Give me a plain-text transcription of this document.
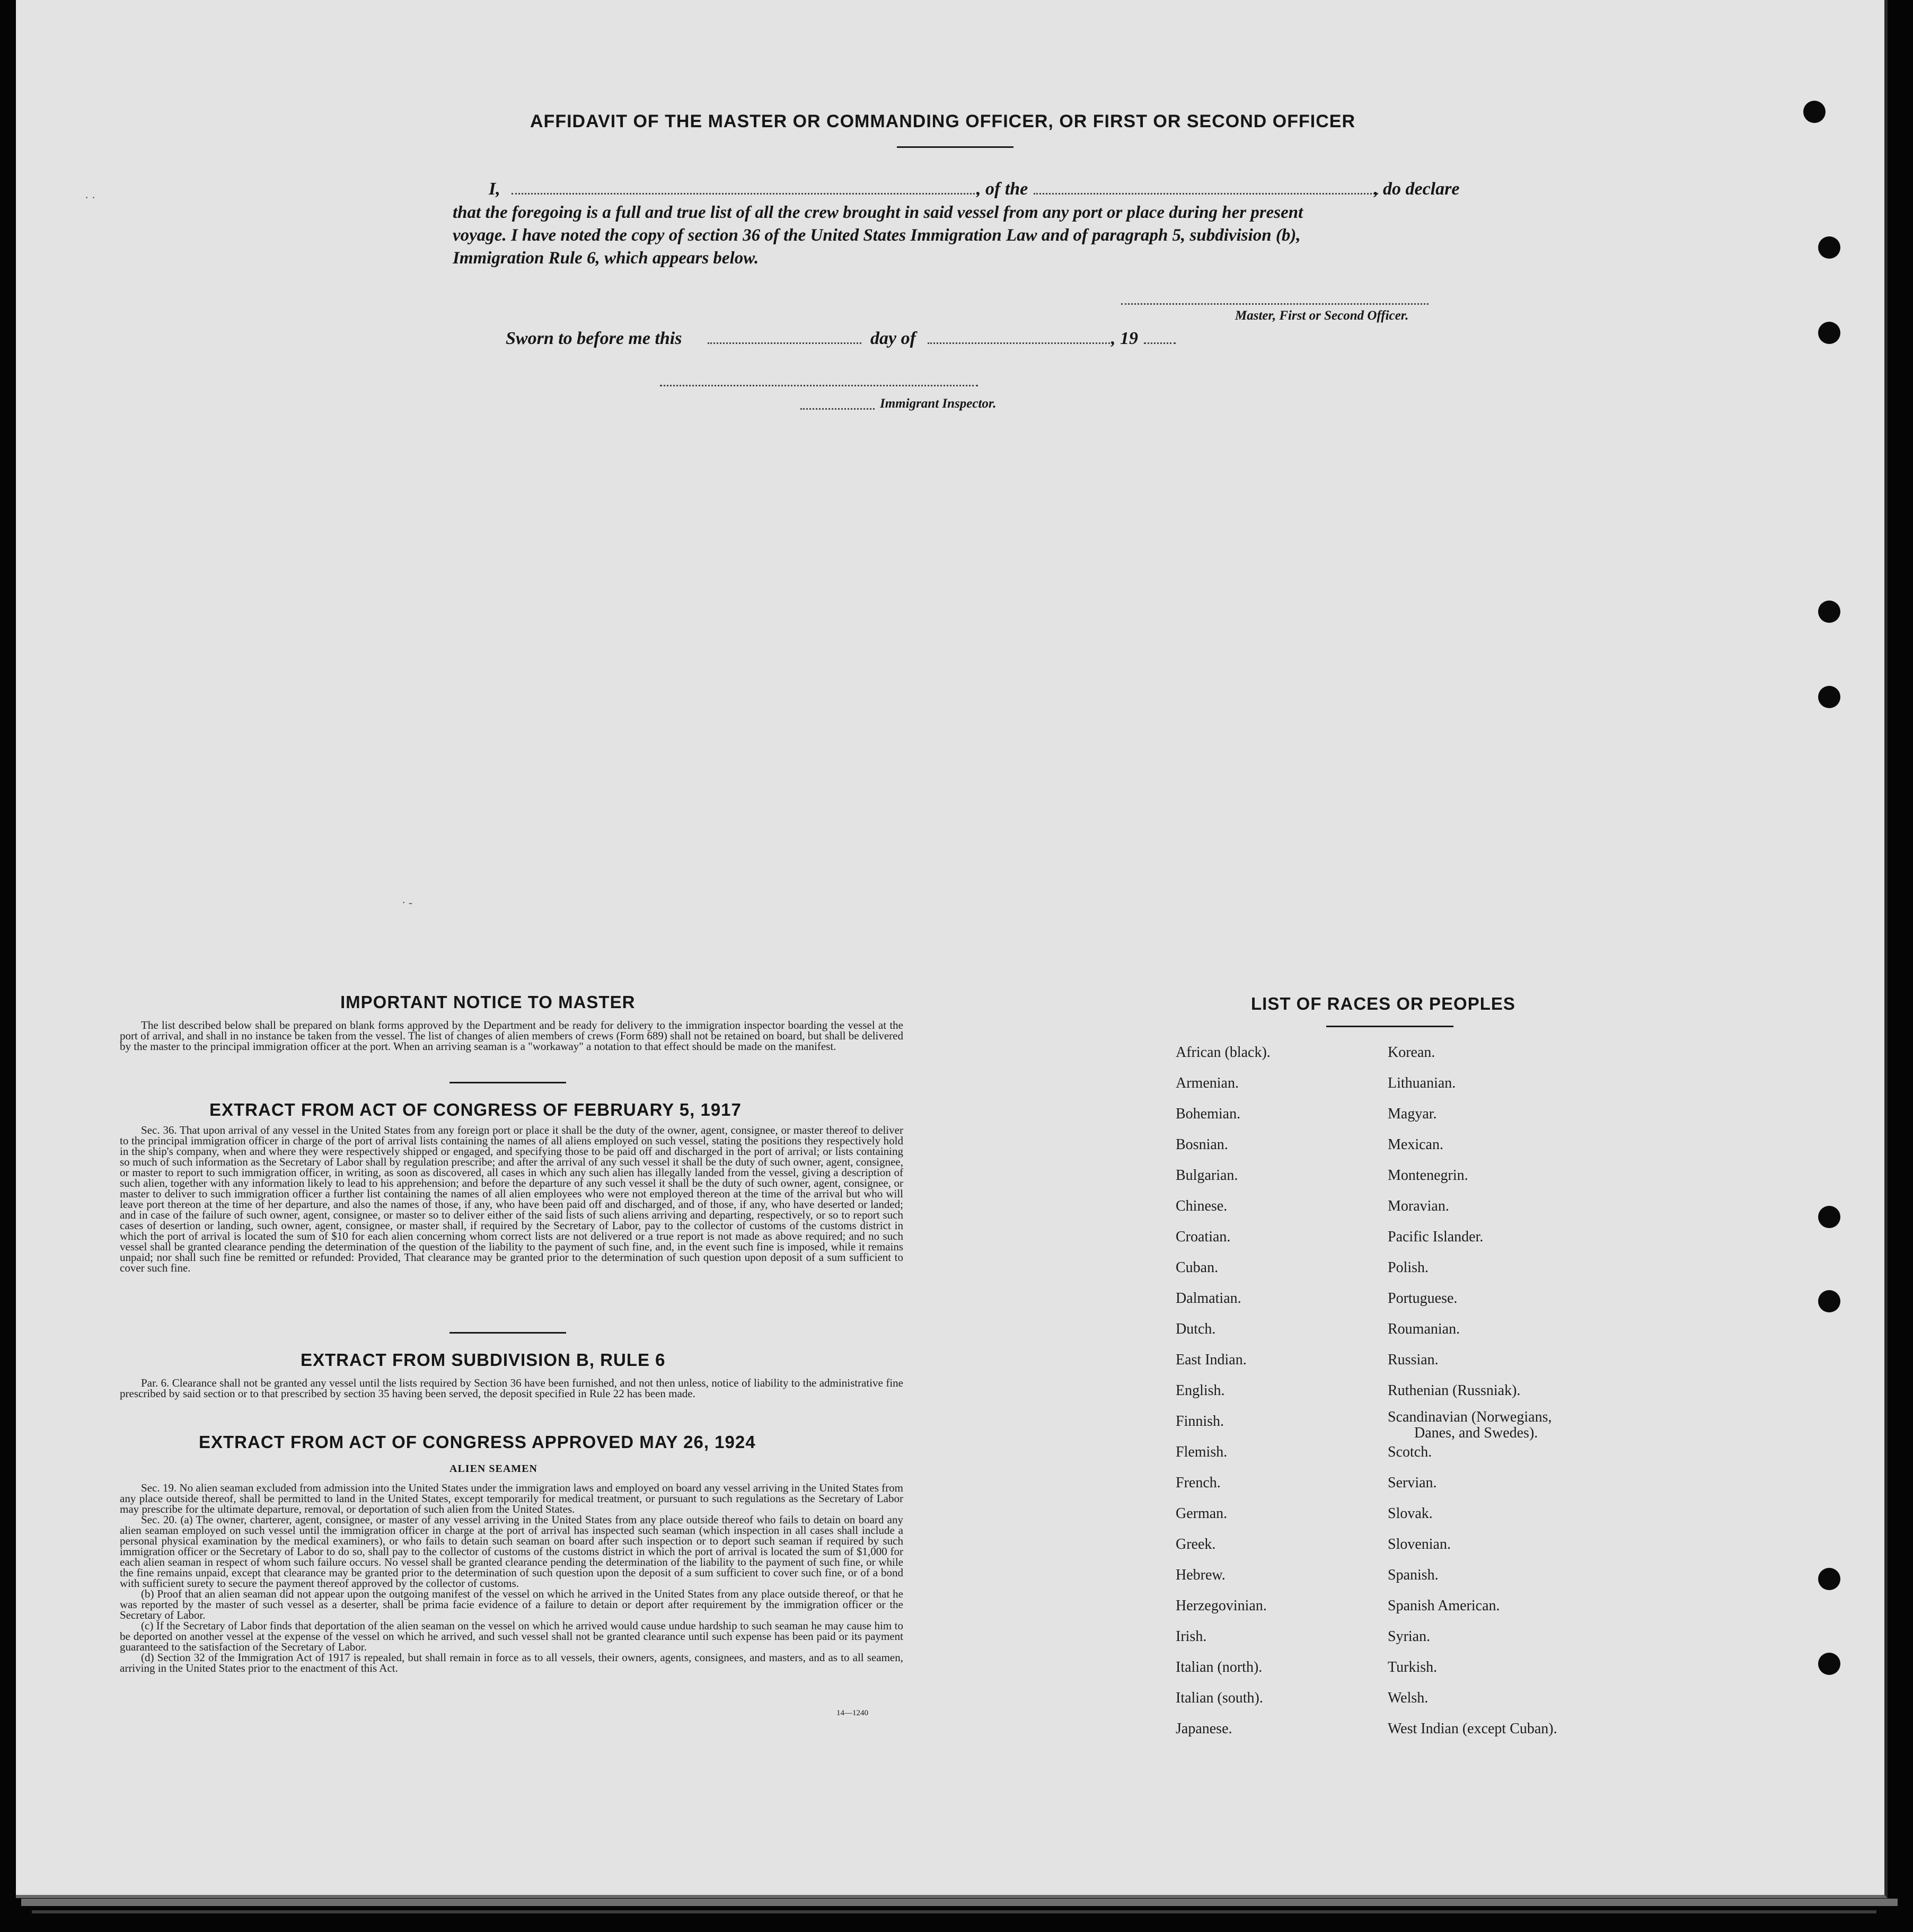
AFFIDAVIT OF THE MASTER OR COMMANDING OFFICER, OR FIRST OR SECOND OFFICER
I,	, of the	, do declare
that the foregoing is a full and true list of all the crew brought in said vessel from any port or place during her present
voyage. I have noted the copy of section 36 of the United States Immigration Law and of paragraph 5, subdivision (b),
Immigration Rule 6, which appears below.
Master, First or Second Officer.
Sworn to before me this	day of	, 19
Immigrant Inspector.
IMPORTANT NOTICE TO MASTER

The list described below shall be prepared on blank forms approved by the Department and be ready for delivery to the immigration inspector boarding the vessel at the port of arrival, and shall in no instance be taken from the vessel. The list of changes of alien members of crews (Form 689) shall not be retained on board, but shall be delivered by the master to the principal immigration officer at the port. When an arriving seaman is a "workaway" a notation to that effect should be made on the manifest.

EXTRACT FROM ACT OF CONGRESS OF FEBRUARY 5, 1917

Sec. 36. That upon arrival of any vessel in the United States from any foreign port or place it shall be the duty of the owner, agent, consignee, or master thereof to deliver to the principal immigration officer in charge of the port of arrival lists containing the names of all aliens employed on such vessel, stating the positions they respectively hold in the ship's company, when and where they were respectively shipped or engaged, and specifying those to be paid off and discharged in the port of arrival; or lists containing so much of such information as the Secretary of Labor shall by regulation prescribe; and after the arrival of any such vessel it shall be the duty of such owner, agent, consignee, or master to report to such immigration officer, in writing, as soon as discovered, all cases in which any such alien has illegally landed from the vessel, giving a description of such alien, together with any information likely to lead to his apprehension; and before the departure of any such vessel it shall be the duty of such owner, agent, consignee, or master to deliver to such immigration officer a further list containing the names of all alien employees who were not employed thereon at the time of the arrival but who will leave port thereon at the time of her departure, and also the names of those, if any, who have been paid off and discharged, and of those, if any, who have deserted or landed; and in case of the failure of such owner, agent, consignee, or master so to deliver either of the said lists of such aliens arriving and departing, respectively, or so to report such cases of desertion or landing, such owner, agent, consignee, or master shall, if required by the Secretary of Labor, pay to the collector of customs of the customs district in which the port of arrival is located the sum of $10 for each alien concerning whom correct lists are not delivered or a true report is not made as above required; and no such vessel shall be granted clearance pending the determination of the question of the liability to the payment of such fine, and, in the event such fine is imposed, while it remains unpaid; nor shall such fine be remitted or refunded: Provided, That clearance may be granted prior to the determination of such question upon deposit of a sum sufficient to cover such fine.

EXTRACT FROM SUBDIVISION B, RULE 6

Par. 6. Clearance shall not be granted any vessel until the lists required by Section 36 have been furnished, and not then unless, notice of liability to the administrative fine prescribed by said section or to that prescribed by section 35 having been served, the deposit specified in Rule 22 has been made.

EXTRACT FROM ACT OF CONGRESS APPROVED MAY 26, 1924
ALIEN SEAMEN

Sec. 19. No alien seaman excluded from admission into the United States under the immigration laws and employed on board any vessel arriving in the United States from any place outside thereof, shall be permitted to land in the United States, except temporarily for medical treatment, or pursuant to such regulations as the Secretary of Labor may prescribe for the ultimate departure, removal, or deportation of such alien from the United States.

Sec. 20. (a) The owner, charterer, agent, consignee, or master of any vessel arriving in the United States from any place outside thereof who fails to detain on board any alien seaman employed on such vessel until the immigration officer in charge at the port of arrival has inspected such seaman (which inspection in all cases shall include a personal physical examination by the medical examiners), or who fails to detain such seaman on board after such inspection or to deport such seaman if required by such immigration officer or the Secretary of Labor to do so, shall pay to the collector of customs of the customs district in which the port of arrival is located the sum of $1,000 for each alien seaman in respect of whom such failure occurs. No vessel shall be granted clearance pending the determination of the liability to the payment of such fine, or while the fine remains unpaid, except that clearance may be granted prior to the determination of such question upon the deposit of a sum sufficient to cover such fine, or of a bond with sufficient surety to secure the payment thereof approved by the collector of customs.

(b) Proof that an alien seaman did not appear upon the outgoing manifest of the vessel on which he arrived in the United States from any place outside thereof, or that he was reported by the master of such vessel as a deserter, shall be prima facie evidence of a failure to detain or deport after requirement by the immigration officer or the Secretary of Labor.

(c) If the Secretary of Labor finds that deportation of the alien seaman on the vessel on which he arrived would cause undue hardship to such seaman he may cause him to be deported on another vessel at the expense of the vessel on which he arrived, and such vessel shall not be granted clearance until such expense has been paid or its payment guaranteed to the satisfaction of the Secretary of Labor.

(d) Section 32 of the Immigration Act of 1917 is repealed, but shall remain in force as to all vessels, their owners, agents, consignees, and masters, and as to all seamen, arriving in the United States prior to the enactment of this Act.

14—1240
LIST OF RACES OR PEOPLES
African (black).
Armenian.
Bohemian.
Bosnian.
Bulgarian.
Chinese.
Croatian.
Cuban.
Dalmatian.
Dutch.
East Indian.
English.
Finnish.
Flemish.
French.
German.
Greek.
Hebrew.
Herzegovinian.
Irish.
Italian (north).
Italian (south).
Japanese.
Korean.
Lithuanian.
Magyar.
Mexican.
Montenegrin.
Moravian.
Pacific Islander.
Polish.
Portuguese.
Roumanian.
Russian.
Ruthenian (Russniak).
Scandinavian (Norwegians,
Danes, and Swedes).
Scotch.
Servian.
Slovak.
Slovenian.
Spanish.
Spanish American.
Syrian.
Turkish.
Welsh.
West Indian (except Cuban).
· ·
· -
